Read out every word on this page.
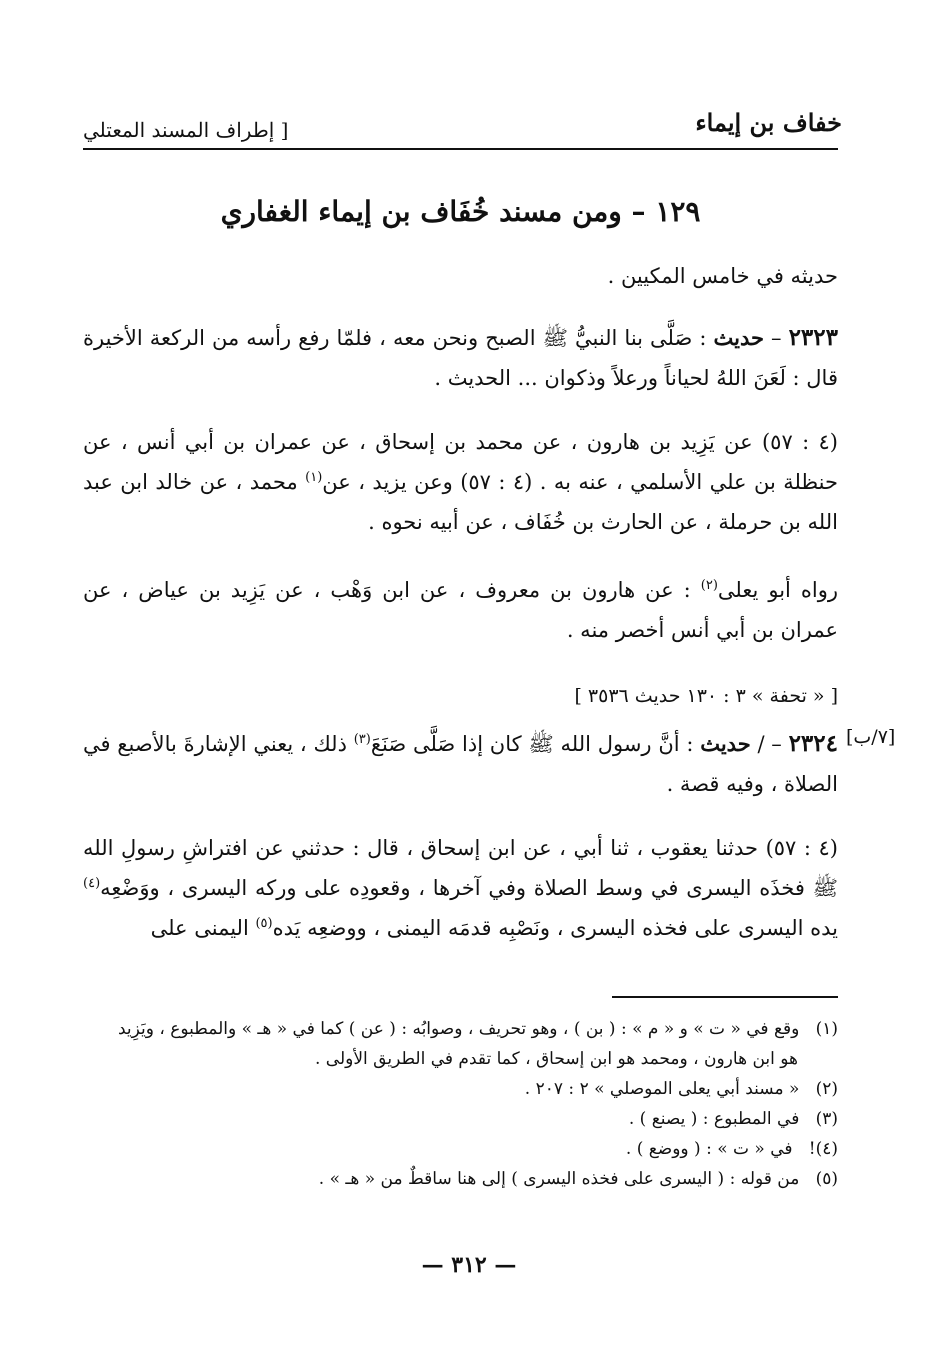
خفاف بن إيماء
[ إطراف المسند المعتلي
١٢٩ – ومن مسند خُفَاف بن إيماء الغفاري
حديثه في خامس المكيين .
٢٣٢٣ – حديث : صَلَّى بنا النبيُّ ﷺ الصبح ونحن معه ، فلمّا رفع رأسه من الركعة الأخيرة قال : لَعَنَ اللهُ لحياناً ورعلاً وذكوان ... الحديث .
(٤ : ٥٧) عن يَزِيد بن هارون ، عن محمد بن إسحاق ، عن عمران بن أبي أنس ، عن حنظلة بن علي الأسلمي ، عنه به . (٤ : ٥٧) وعن يزيد ، عن$^{(١)}$ محمد ، عن خالد ابن عبد الله بن حرملة ، عن الحارث بن خُفَاف ، عن أبيه نحوه .
رواه أبو يعلى$^{(٢)}$ : عن هارون بن معروف ، عن ابن وَهْب ، عن يَزِيد بن عياض ، عن عمران بن أبي أنس أخصر منه .
[ « تحفة » ٣ : ١٣٠ حديث ٣٥٣٦ ]
[٧/ب]
٢٣٢٤ – / حديث : أنَّ رسول الله ﷺ كان إذا صَلَّى صَنَعَ$^{(٣)}$ ذلك ، يعني الإشارةَ بالأصبع في الصلاة ، وفيه قصة .
(٤ : ٥٧) حدثنا يعقوب ، ثنا أبي ، عن ابن إسحاق ، قال : حدثني عن افتراشِ رسولِ الله ﷺ فخذَه اليسرى في وسط الصلاة وفي آخرها ، وقعودِه على وركه اليسرى ، ووَضْعِه$^{(٤)}$ يده اليسرى على فخذه اليسرى ، ونَصْبِه قدمَه اليمنى ، ووضعِه يَده$^{(٥)}$ اليمنى على

(١)   وقع في « ت » و « م » : ( بن ) ، وهو تحريف ، وصوابُه : ( عن ) كما في « هـ » والمطبوع ، ويَزِيد
هو ابن هارون ، ومحمد هو ابن إسحاق ، كما تقدم في الطريق الأولى .

(٢)   « مسند أبي يعلى الموصلي » ٢ : ٢٠٧ .

(٣)   في المطبوع : ( يصنع ) .

(٤)!   في « ت » : ( ووضع ) .

(٥)   من قوله : ( اليسرى على فخذه اليسرى ) إلى هنا ساقطٌ من « هـ » .

— ٣١٢ —
